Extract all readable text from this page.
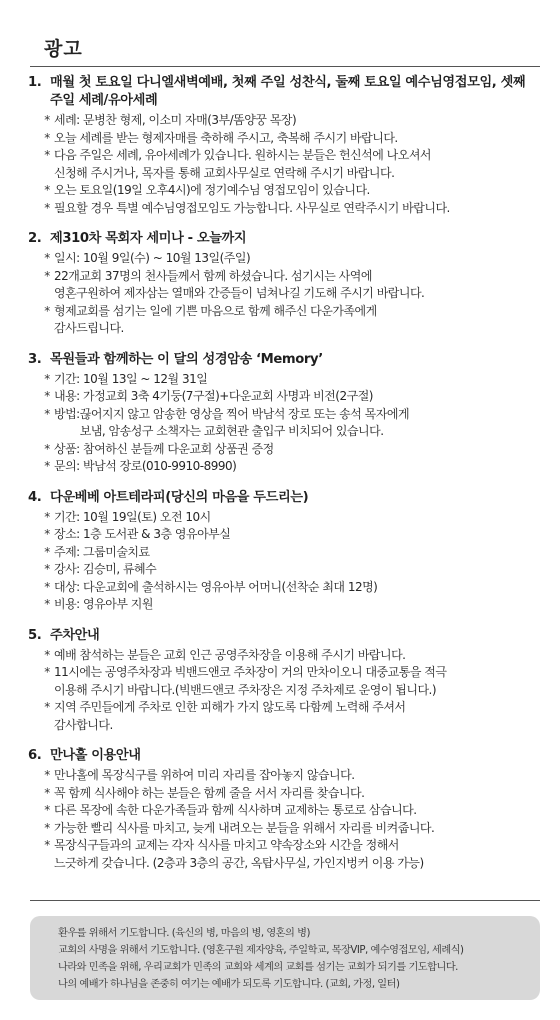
광고
1. 매월 첫 토요일 다니엘새벽예배, 첫째 주일 성찬식, 둘째 토요일 예수님영접모임, 셋째 주일 세례/유아세례
* 세례: 문병찬 형제, 이소미 자매(3부/똠양꿍 목장)
* 오늘 세례를 받는 형제자매를 축하해 주시고, 축복해 주시기 바랍니다.
* 다음 주일은 세례, 유아세례가 있습니다. 원하시는 분들은 헌신석에 나오셔서
신청해 주시거나, 목자를 통해 교회사무실로 연락해 주시기 바랍니다.
* 오는 토요일(19일 오후4시)에 정기예수님 영접모임이 있습니다.
* 필요할 경우 특별 예수님영접모임도 가능합니다. 사무실로 연락주시기 바랍니다.
2. 제310차 목회자 세미나 - 오늘까지
* 일시: 10월 9일(수) ~ 10월 13일(주일)
* 22개교회 37명의 천사들께서 함께 하셨습니다. 섬기시는 사역에
영혼구원하여 제자삼는 열매와 간증들이 넘쳐나길 기도해 주시기 바랍니다.
* 형제교회를 섬기는 일에 기쁜 마음으로 함께 해주신 다운가족에게
감사드립니다.
3. 목원들과 함께하는 이 달의 성경암송 ‘Memory’
* 기간: 10월 13일 ~ 12월 31일
* 내용: 가정교회 3축 4기둥(7구절)+다운교회 사명과 비전(2구절)
* 방법: 끊어지지 않고 암송한 영상을 찍어 박남석 장로 또는 송석 목자에게
보냄, 암송성구 소책자는 교회현관 출입구 비치되어 있습니다.
* 상품: 참여하신 분들께 다운교회 상품권 증정
* 문의: 박남석 장로(010-9910-8990)
4. 다운베베 아트테라피(당신의 마음을 두드리는)
* 기간: 10월 19일(토) 오전 10시
* 장소: 1층 도서관 & 3층 영유아부실
* 주제: 그룹미술치료
* 강사: 김승미, 류혜수
* 대상: 다운교회에 출석하시는 영유아부 어머니(선착순 최대 12명)
* 비용: 영유아부 지원
5. 주차안내
* 예배 참석하는 분들은 교회 인근 공영주차장을 이용해 주시기 바랍니다.
* 11시에는 공영주차장과 빅밴드앤코 주차장이 거의 만차이오니 대중교통을 적극
이용해 주시기 바랍니다.(빅밴드앤코 주차장은 지정 주차제로 운영이 됩니다.)
* 지역 주민들에게 주차로 인한 피해가 가지 않도록 다함께 노력해 주셔서
감사합니다.
6. 만나홀 이용안내
* 만나홀에 목장식구를 위하여 미리 자리를 잡아놓지 않습니다.
* 꼭 함께 식사해야 하는 분들은 함께 줄을 서서 자리를 찾습니다.
* 다른 목장에 속한 다운가족들과 함께 식사하며 교제하는 통로로 삼습니다.
* 가능한 빨리 식사를 마치고, 늦게 내려오는 분들을 위해서 자리를 비켜줍니다.
* 목장식구들과의 교제는 각자 식사를 마치고 약속장소와 시간을 정해서
느긋하게 갖습니다. (2층과 3층의 공간, 옥탑사무실, 가인지벙커 이용 가능)
환우를 위해서 기도합니다. (육신의 병, 마음의 병, 영혼의 병)
교회의 사명을 위해서 기도합니다. (영혼구원 제자양육, 주일학교, 목장VIP, 예수영접모임, 세례식)
나라와 민족을 위해, 우리교회가 민족의 교회와 세계의 교회를 섬기는 교회가 되기를 기도합니다.
나의 예배가 하나님을 존중히 여기는 예배가 되도록 기도합니다. (교회, 가정, 일터)
